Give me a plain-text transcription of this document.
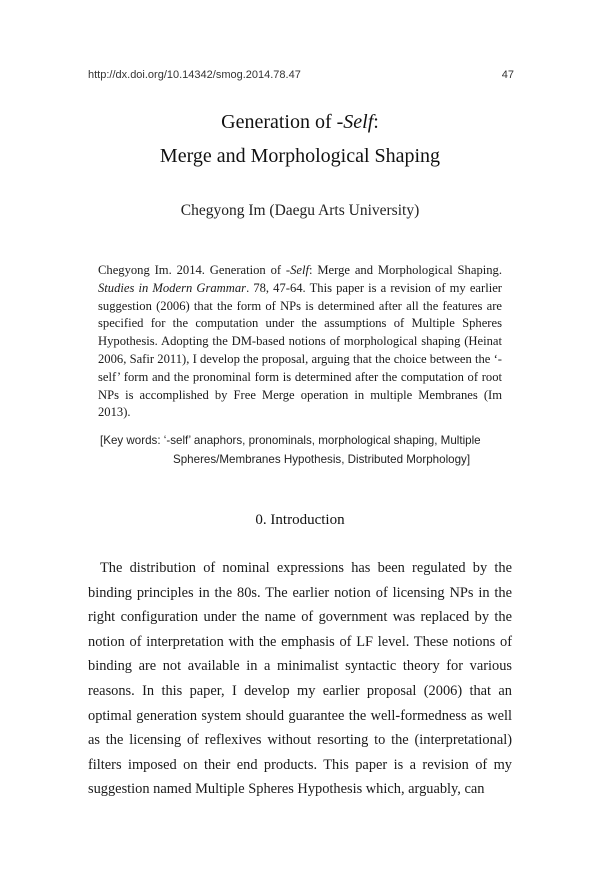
http://dx.doi.org/10.14342/smog.2014.78.47	47
Generation of -Self:
Merge and Morphological Shaping
Chegyong Im (Daegu Arts University)
Chegyong Im. 2014. Generation of -Self: Merge and Morphological Shaping. Studies in Modern Grammar. 78, 47-64. This paper is a revision of my earlier suggestion (2006) that the form of NPs is determined after all the features are specified for the computation under the assumptions of Multiple Spheres Hypothesis. Adopting the DM-based notions of morphological shaping (Heinat 2006, Safir 2011), I develop the proposal, arguing that the choice between the ‘-self’ form and the pronominal form is determined after the computation of root NPs is accomplished by Free Merge operation in multiple Membranes (Im 2013).
[Key words: ‘-self’ anaphors, pronominals, morphological shaping, Multiple
Spheres/Membranes Hypothesis, Distributed Morphology]
0. Introduction
The distribution of nominal expressions has been regulated by the binding principles in the 80s. The earlier notion of licensing NPs in the right configuration under the name of government was replaced by the notion of interpretation with the emphasis of LF level. These notions of binding are not available in a minimalist syntactic theory for various reasons. In this paper, I develop my earlier proposal (2006) that an optimal generation system should guarantee the well-formedness as well as the licensing of reflexives without resorting to the (interpretational) filters imposed on their end products. This paper is a revision of my suggestion named Multiple Spheres Hypothesis which, arguably, can
